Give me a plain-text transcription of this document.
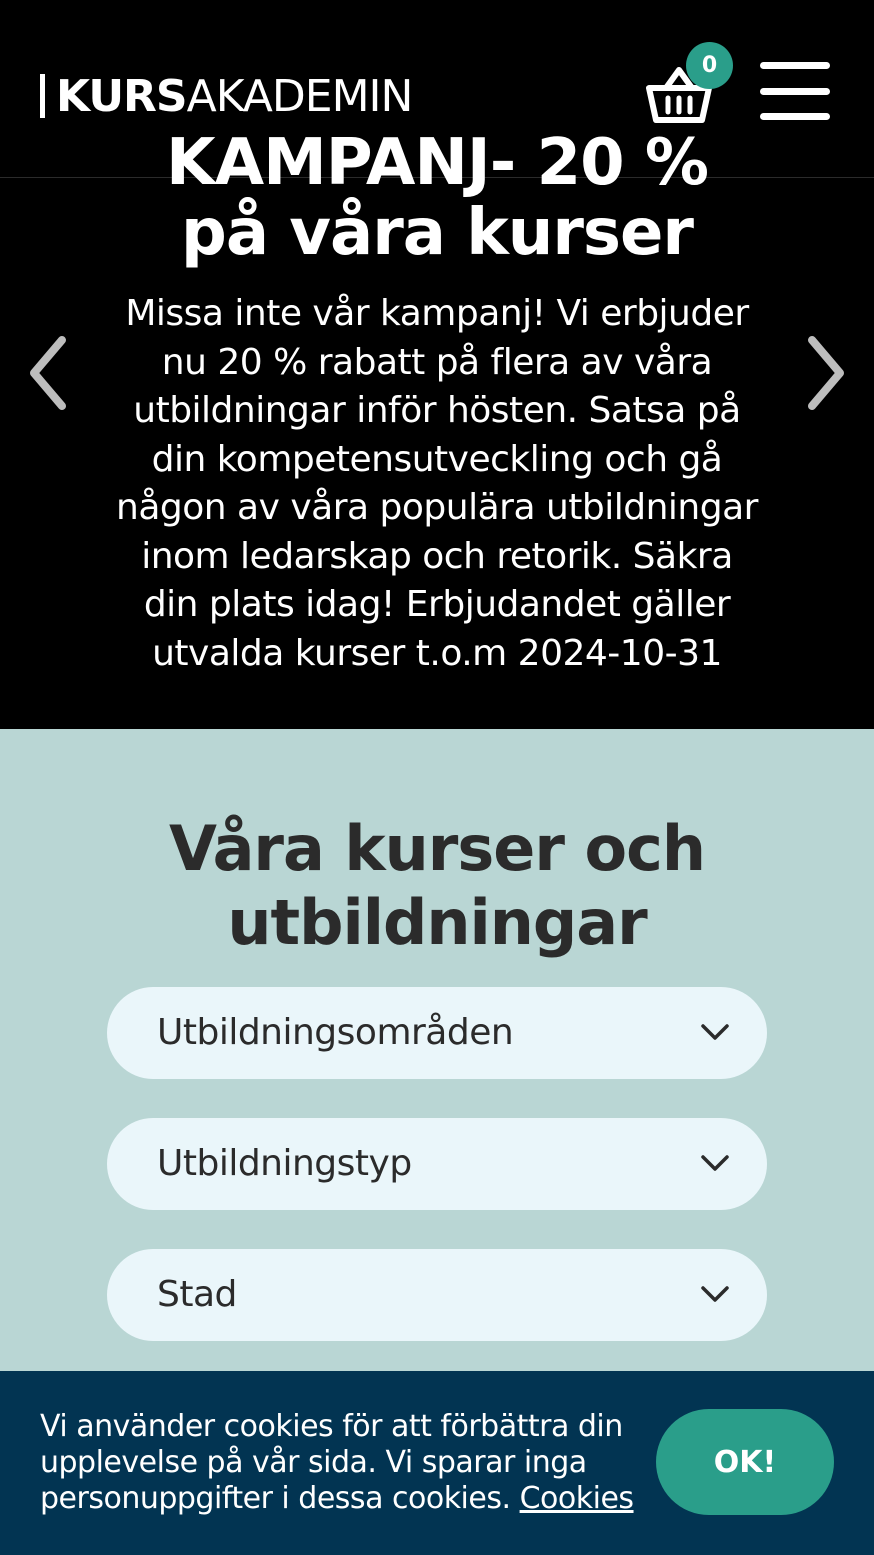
KURS AKADEMIN
0
KAMPANJ- 20 %
på våra kurser

Missa inte vår kampanj! Vi erbjuder nu 20 % rabatt på flera av våra utbildningar inför hösten. Satsa på din kompetensutveckling och gå någon av våra populära utbildningar inom ledarskap och retorik. Säkra din plats idag! Erbjudandet gäller utvalda kurser t.o.m 2024-10-31

Våra kurser och utbildningar
Utbildningsområden
Utbildningstyp
Stad

Vi använder cookies för att förbättra din upplevelse på vår sida. Vi sparar inga personuppgifter i dessa cookies. Cookies

OK!
